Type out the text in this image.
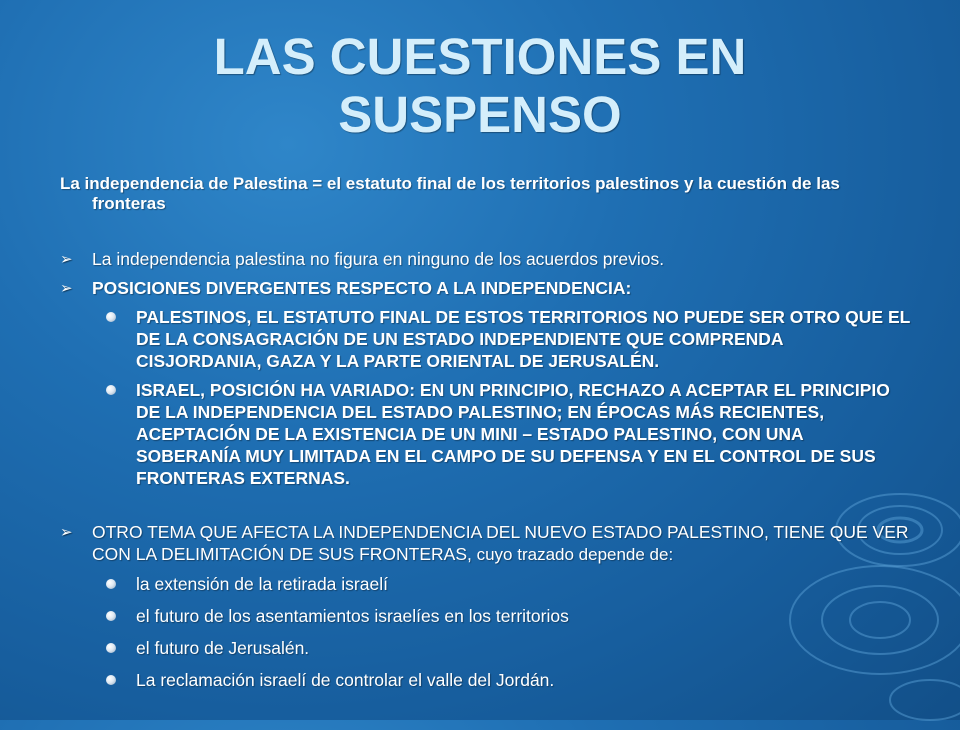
LAS CUESTIONES EN
SUSPENSO

La independencia de Palestina = el estatuto final de los territorios palestinos y la cuestión de las fronteras

➢ La independencia palestina no figura en ninguno de los acuerdos previos.
➢ POSICIONES DIVERGENTES RESPECTO A LA INDEPENDENCIA:
PALESTINOS, EL ESTATUTO FINAL DE ESTOS TERRITORIOS NO PUEDE SER OTRO QUE EL DE LA CONSAGRACIÓN DE UN ESTADO INDEPENDIENTE QUE COMPRENDA CISJORDANIA, GAZA Y LA PARTE ORIENTAL DE JERUSALÉN.
ISRAEL, POSICIÓN HA VARIADO: EN UN PRINCIPIO, RECHAZO A ACEPTAR EL PRINCIPIO DE LA INDEPENDENCIA DEL ESTADO PALESTINO; EN ÉPOCAS MÁS RECIENTES, ACEPTACIÓN DE LA EXISTENCIA DE UN MINI – ESTADO PALESTINO, CON UNA SOBERANÍA MUY LIMITADA EN EL CAMPO DE SU DEFENSA Y EN EL CONTROL DE SUS FRONTERAS EXTERNAS.
➢ OTRO TEMA QUE AFECTA LA INDEPENDENCIA DEL NUEVO ESTADO PALESTINO, TIENE QUE VER CON LA DELIMITACIÓN DE SUS FRONTERAS, cuyo trazado depende de:
la extensión de la retirada israelí
el futuro de los asentamientos israelíes en los territorios
el futuro de Jerusalén.
La reclamación israelí de controlar el valle del Jordán.
